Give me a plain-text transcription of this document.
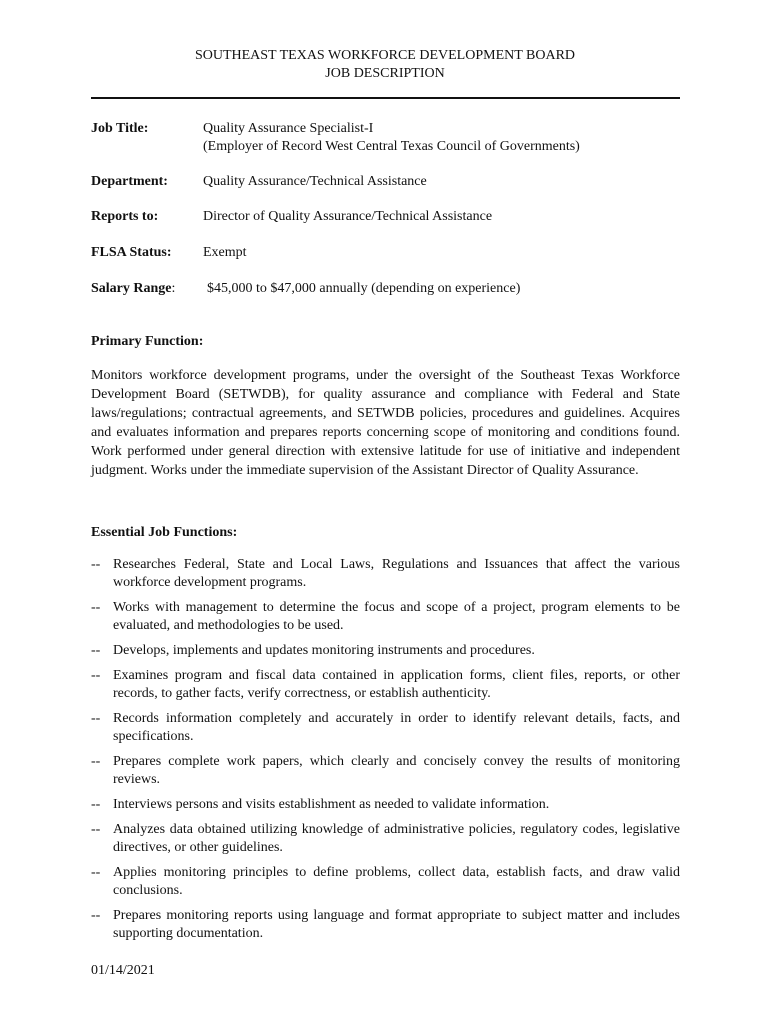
SOUTHEAST TEXAS WORKFORCE DEVELOPMENT BOARD
JOB DESCRIPTION
Job Title:	Quality Assurance Specialist-I
(Employer of Record West Central Texas Council of Governments)
Department:	Quality Assurance/Technical Assistance
Reports to:	Director of Quality Assurance/Technical Assistance
FLSA Status: Exempt
Salary Range: $45,000 to $47,000 annually (depending on experience)
Primary Function:
Monitors workforce development programs, under the oversight of the Southeast Texas Workforce Development Board (SETWDB), for quality assurance and compliance with Federal and State laws/regulations; contractual agreements, and SETWDB policies, procedures and guidelines. Acquires and evaluates information and prepares reports concerning scope of monitoring and conditions found. Work performed under general direction with extensive latitude for use of initiative and independent judgment. Works under the immediate supervision of the Assistant Director of Quality Assurance.
Essential Job Functions:
-- Researches Federal, State and Local Laws, Regulations and Issuances that affect the various workforce development programs.
-- Works with management to determine the focus and scope of a project, program elements to be evaluated, and methodologies to be used.
-- Develops, implements and updates monitoring instruments and procedures.
-- Examines program and fiscal data contained in application forms, client files, reports, or other records, to gather facts, verify correctness, or establish authenticity.
-- Records information completely and accurately in order to identify relevant details, facts, and specifications.
-- Prepares complete work papers, which clearly and concisely convey the results of monitoring reviews.
-- Interviews persons and visits establishment as needed to validate information.
-- Analyzes data obtained utilizing knowledge of administrative policies, regulatory codes, legislative directives, or other guidelines.
-- Applies monitoring principles to define problems, collect data, establish facts, and draw valid conclusions.
-- Prepares monitoring reports using language and format appropriate to subject matter and includes supporting documentation.
01/14/2021
